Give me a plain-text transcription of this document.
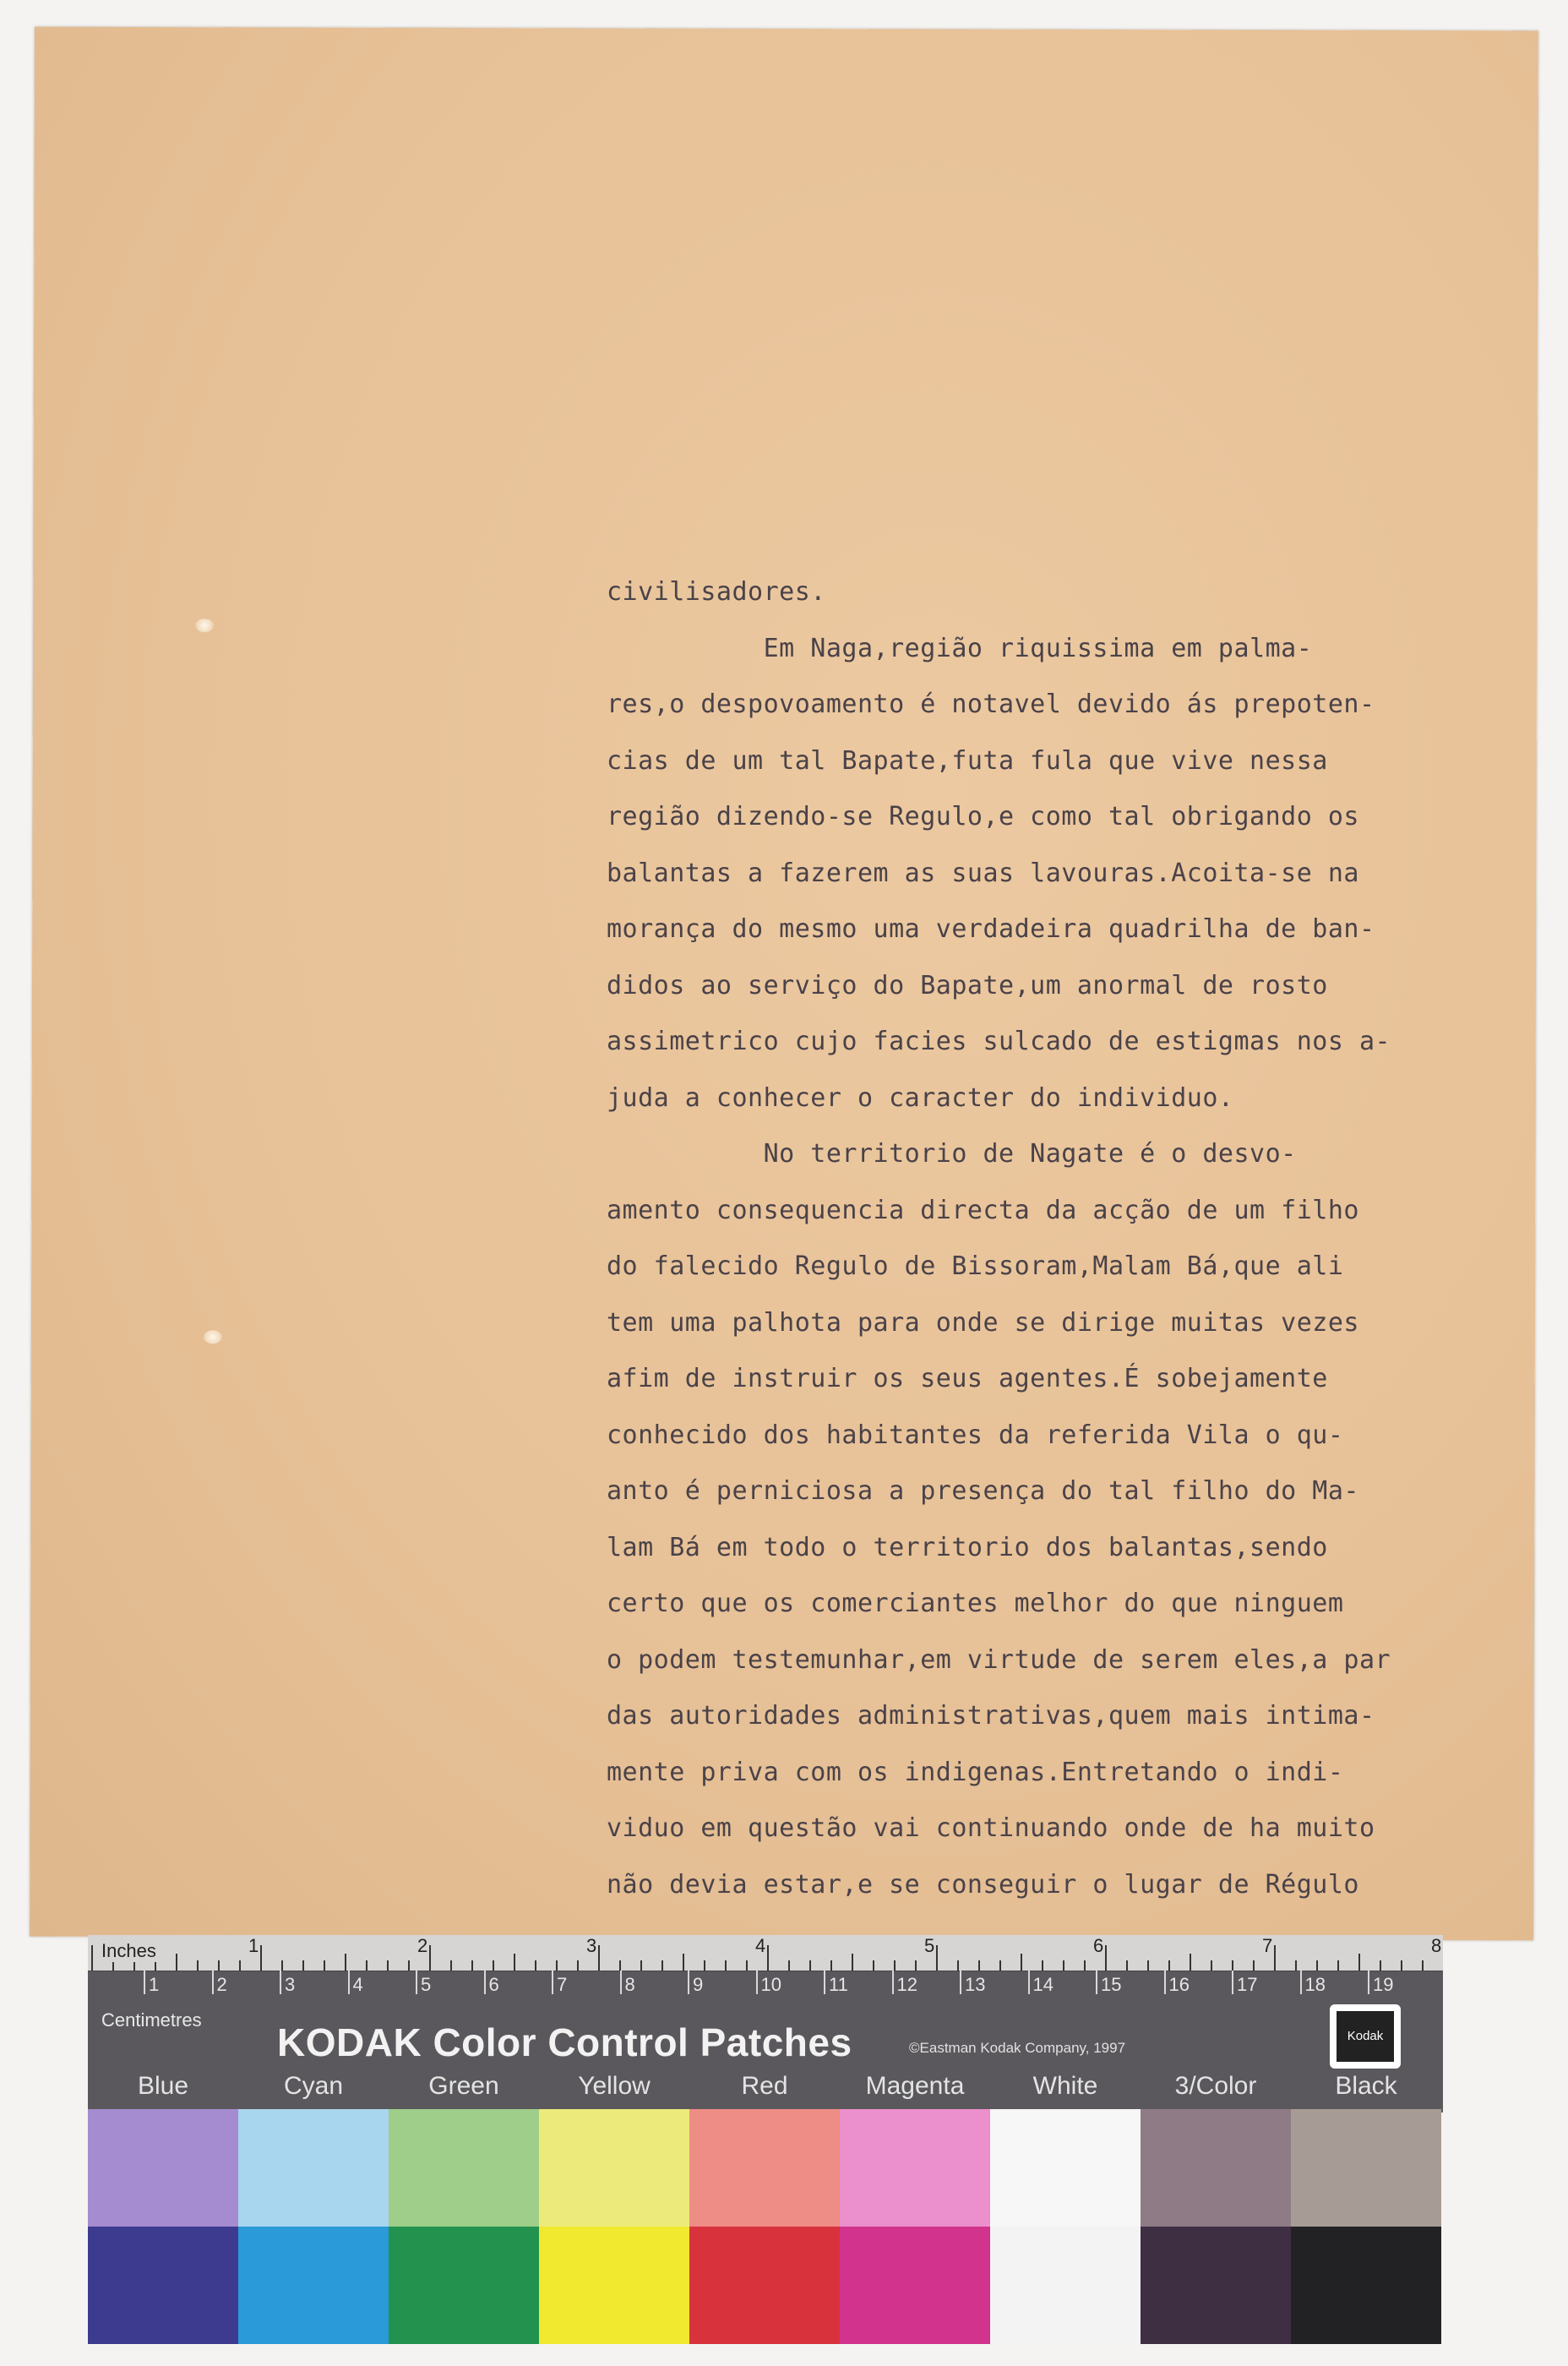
civilisadores.
Em Naga,região riquissima em palma-
res,o despovoamento é notavel devido ás prepoten-
cias de um tal Bapate,futa fula que vive nessa
região dizendo-se Regulo,e como tal obrigando os
balantas a fazerem as suas lavouras.Acoita-se na
morança do mesmo uma verdadeira quadrilha de ban-
didos ao serviço do Bapate,um anormal de rosto
assimetrico cujo facies sulcado de estigmas nos a-
juda a conhecer o caracter do individuo.
No territorio de Nagate é o desvo-
amento consequencia directa da acção de um filho
do falecido Regulo de Bissoram,Malam Bá,que ali
tem uma palhota para onde se dirige muitas vezes
afim de instruir os seus agentes.É sobejamente
conhecido dos habitantes da referida Vila o qu-
anto é perniciosa a presença do tal filho do Ma-
lam Bá em todo o territorio dos balantas,sendo
certo que os comerciantes melhor do que ninguem
o podem testemunhar,em virtude de serem eles,a par
das autoridades administrativas,quem mais intima-
mente priva com os indigenas.Entretando o indi-
viduo em questão vai continuando onde de ha muito
não devia estar,e se conseguir o lugar de Régulo
1	2	3	4	5	6	7	8
Inches
1	2	3	4	5	6	7	8	9	10	11	12	13	14	15	16	17	18	19
Centimetres
KODAK Color Control Patches	©Eastman Kodak Company, 1997
Kodak
Blue	Cyan	Green	Yellow	Red	Magenta	White	3/Color	Black
